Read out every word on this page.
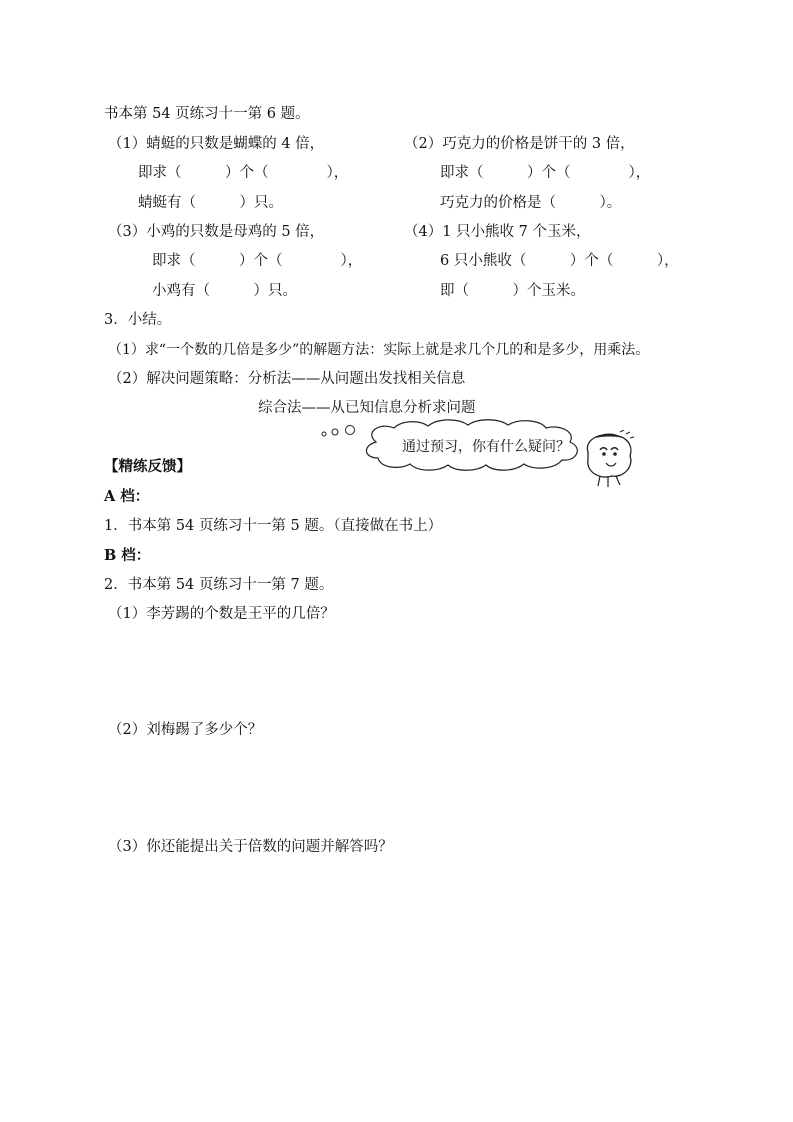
书本第 54 页练习十一第 6 题。
（1）蜻蜓的只数是蝴蝶的 4 倍，
即求（　　　）个（　　　　），
蜻蜓有（　　　）只。
（2）巧克力的价格是饼干的 3 倍，
即求（　　　）个（　　　　），
巧克力的价格是（　　　）。
（3）小鸡的只数是母鸡的 5 倍，
即求（　　　）个（　　　　），
小鸡有（　　　）只。
（4）1 只小熊收 7 个玉米，
6 只小熊收（　　　）个（　　　），
即（　　　）个玉米。
3．小结。
（1）求“一个数的几倍是多少”的解题方法：实际上就是求几个几的和是多少，用乘法。
（2）解决问题策略：分析法——从问题出发找相关信息
综合法——从已知信息分析求问题
通过预习，你有什么疑问？
【精练反馈】
A 档：
1．书本第 54 页练习十一第 5 题。（直接做在书上）
B 档：
2．书本第 54 页练习十一第 7 题。
（1）李芳踢的个数是王平的几倍？
（2）刘梅踢了多少个？
（3）你还能提出关于倍数的问题并解答吗？
